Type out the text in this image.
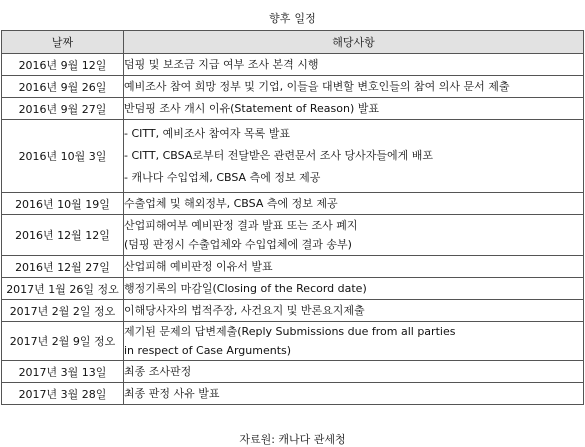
향후 일정
날짜	해당사항
2016년 9월 12일	덤핑 및 보조금 지급 여부 조사 본격 시행

2016년 9월 26일	예비조사 참여 희망 정부 및 기업, 이들을 대변할 변호인들의 참여 의사 문서 제출

2016년 9월 27일	반덤핑 조사 개시 이유(Statement of Reason) 발표

2016년 10월 3일	- CITT, 예비조사 참여자 목록 발표
- CITT, CBSA로부터 전달받은 관련문서 조사 당사자들에게 배포
- 캐나다 수입업체, CBSA 측에 정보 제공

2016년 10월 19일	수출업체 및 해외정부, CBSA 측에 정보 제공

2016년 12월 12일	산업피해여부 예비판정 결과 발표 또는 조사 폐지
(덤핑 판정시 수출업체와 수입업체에 결과 송부)

2016년 12월 27일	산업피해 예비판정 이유서 발표

2017년 1월 26일 정오	행정기록의 마감일(Closing of the Record date)

2017년 2월 2일 정오	이해당사자의 법적주장, 사건요지 및 반론요지제출

2017년 2월 9일 정오	제기된 문제의 답변제출(Reply Submissions due from all parties
in respect of Case Arguments)

2017년 3월 13일	최종 조사판정

2017년 3월 28일	최종 판정 사유 발표
자료원: 캐나다 관세청
